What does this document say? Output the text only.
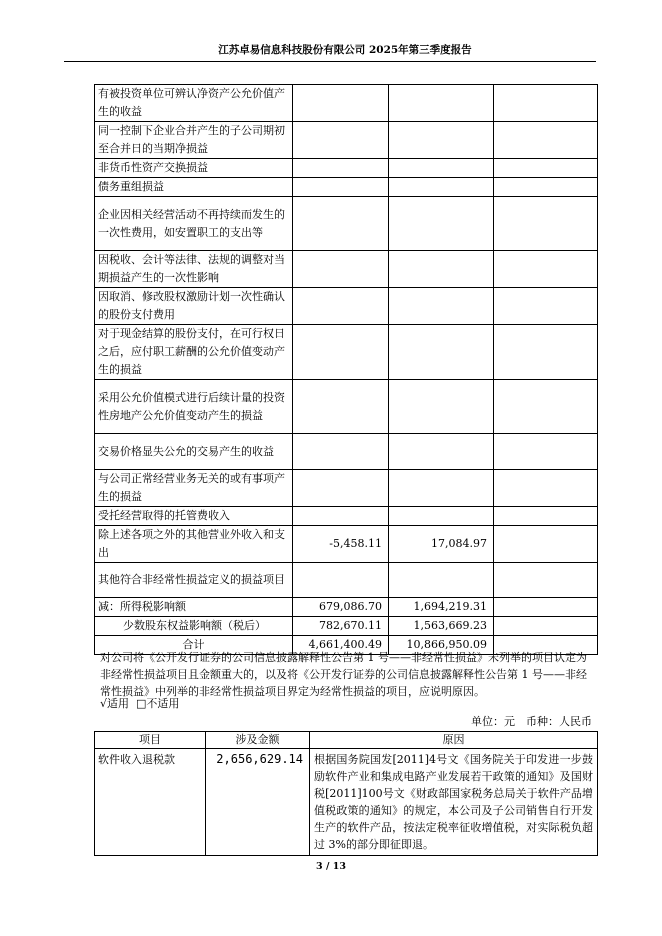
江苏卓易信息科技股份有限公司 2025年第三季度报告
有被投资单位可辨认净资产公允价值产生的收益			
同一控制下企业合并产生的子公司期初至合并日的当期净损益			
非货币性资产交换损益			
债务重组损益			
企业因相关经营活动不再持续而发生的一次性费用，如安置职工的支出等			
因税收、会计等法律、法规的调整对当期损益产生的一次性影响			
因取消、修改股权激励计划一次性确认的股份支付费用			
对于现金结算的股份支付，在可行权日之后，应付职工薪酬的公允价值变动产生的损益			
采用公允价值模式进行后续计量的投资性房地产公允价值变动产生的损益			
交易价格显失公允的交易产生的收益			
与公司正常经营业务无关的或有事项产生的损益			
受托经营取得的托管费收入			
除上述各项之外的其他营业外收入和支出	-5,458.11	17,084.97	
其他符合非经常性损益定义的损益项目			
减：所得税影响额	679,086.70	1,694,219.31	
少数股东权益影响额（税后）	782,670.11	1,563,669.23	
合计	4,661,400.49	10,866,950.09	
对公司将《公开发行证券的公司信息披露解释性公告第 1 号——非经常性损益》未列举的项目认定为非经常性损益项目且金额重大的，以及将《公开发行证券的公司信息披露解释性公告第 1 号——非经常性损益》中列举的非经常性损益项目界定为经常性损益的项目，应说明原因。
√适用 □不适用
单位：元　币种：人民币
项目	涉及金额	原因
软件收入退税款	2,656,629.14	根据国务院国发[2011]4号文《国务院关于印发进一步鼓励软件产业和集成电路产业发展若干政策的通知》及国财税[2011]100号文《财政部国家税务总局关于软件产品增值税政策的通知》的规定，本公司及子公司销售自行开发生产的软件产品，按法定税率征收增值税，对实际税负超过 3%的部分即征即退。
3 / 13
